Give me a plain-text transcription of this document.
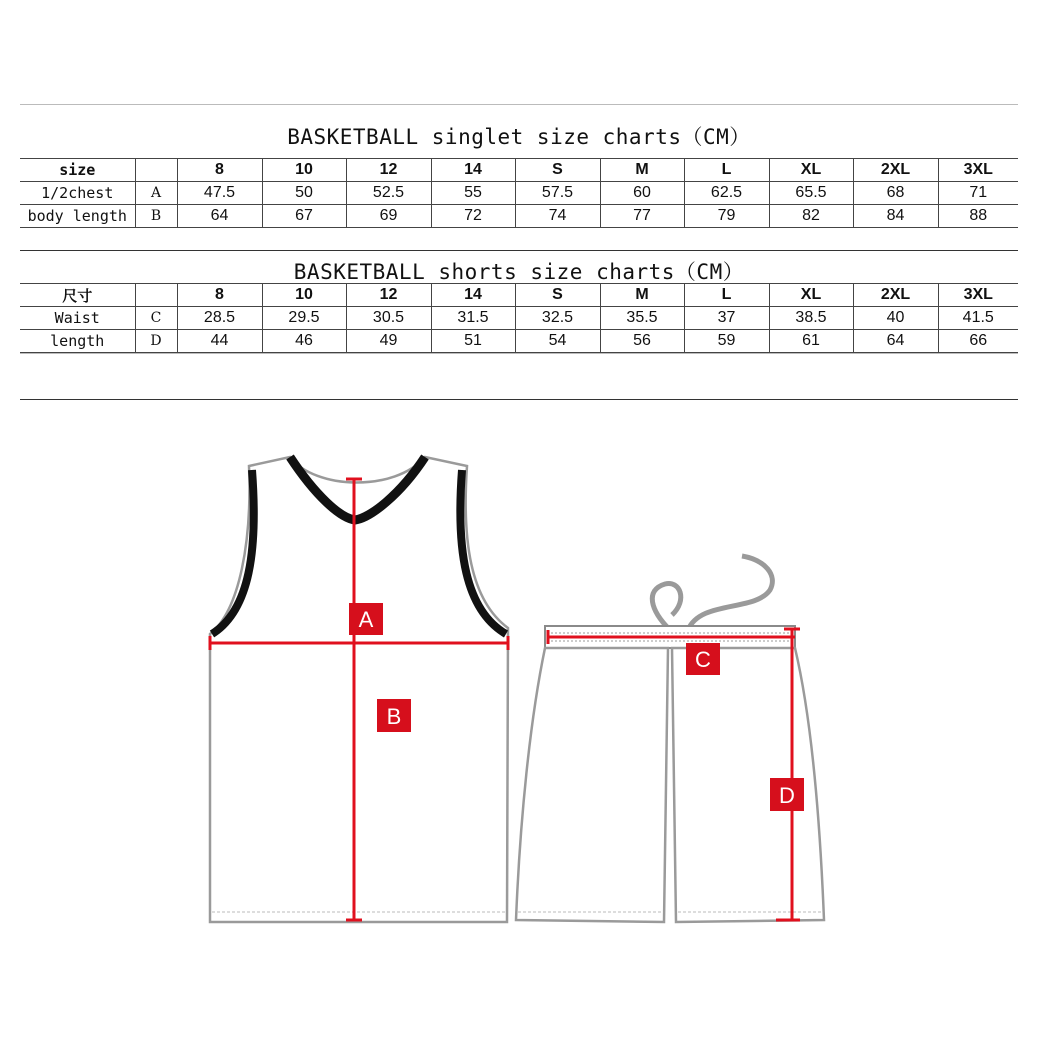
BASKETBALL singlet size charts（CM）
size		8	10	12	14	S	M	L	XL	2XL	3XL
1/2chest	A	47.5	50	52.5	55	57.5	60	62.5	65.5	68	71
body length	B	64	67	69	72	74	77	79	82	84	88
BASKETBALL shorts size charts（CM）
尺寸		8	10	12	14	S	M	L	XL	2XL	3XL
Waist	C	28.5	29.5	30.5	31.5	32.5	35.5	37	38.5	40	41.5
length	D	44	46	49	51	54	56	59	61	64	66
A
B
C
D
